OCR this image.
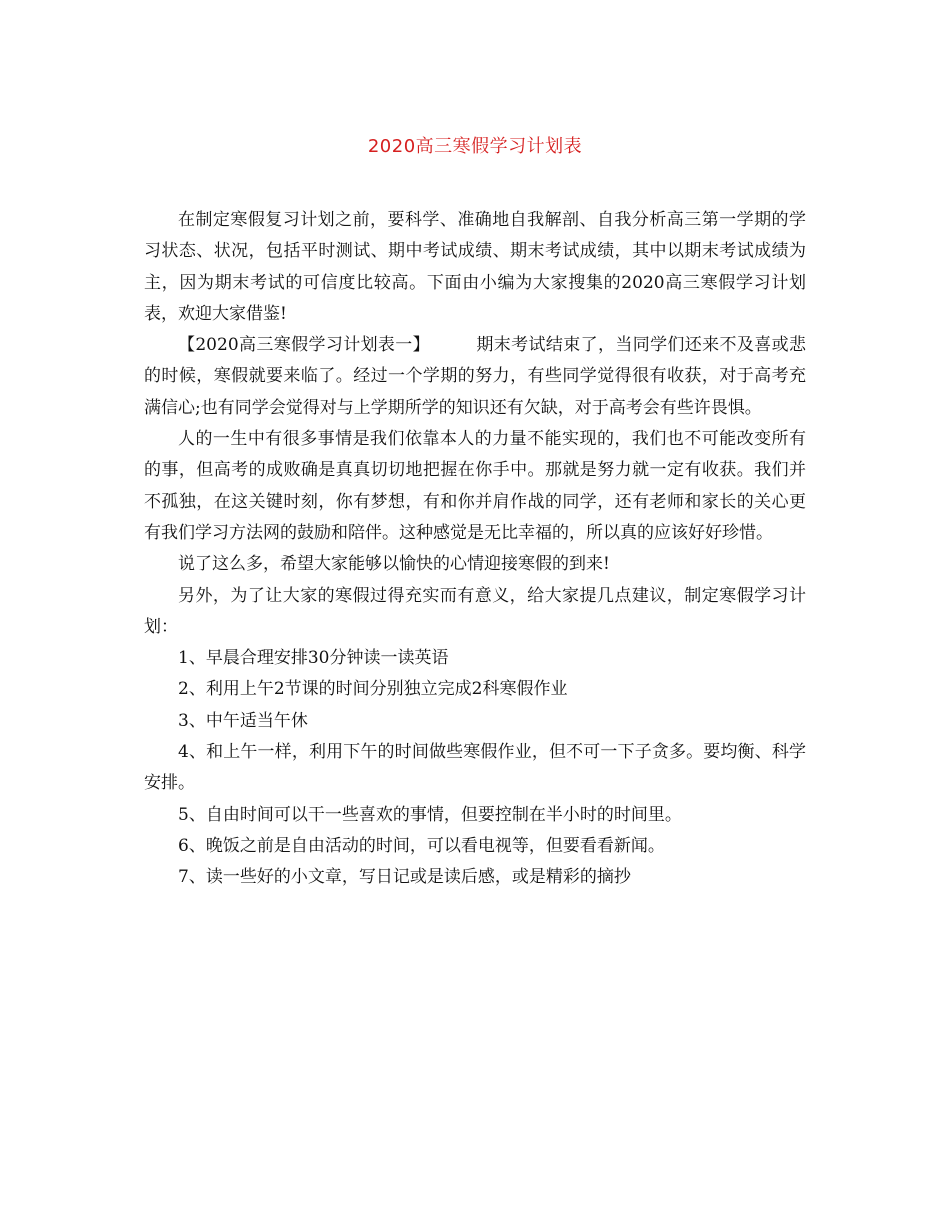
2020高三寒假学习计划表

在制定寒假复习计划之前，要科学、准确地自我解剖、自我分析高三第一学期的学习状态、状况，包括平时测试、期中考试成绩、期末考试成绩，其中以期末考试成绩为主，因为期末考试的可信度比较高。下面由小编为大家搜集的2020高三寒假学习计划表，欢迎大家借鉴!

【2020高三寒假学习计划表一】	期末考试结束了，当同学们还来不及喜或悲的时候，寒假就要来临了。经过一个学期的努力，有些同学觉得很有收获，对于高考充满信心;也有同学会觉得对与上学期所学的知识还有欠缺，对于高考会有些许畏惧。

人的一生中有很多事情是我们依靠本人的力量不能实现的，我们也不可能改变所有的事，但高考的成败确是真真切切地把握在你手中。那就是努力就一定有收获。我们并不孤独，在这关键时刻，你有梦想，有和你并肩作战的同学，还有老师和家长的关心更有我们学习方法网的鼓励和陪伴。这种感觉是无比幸福的，所以真的应该好好珍惜。

说了这么多，希望大家能够以愉快的心情迎接寒假的到来!

另外，为了让大家的寒假过得充实而有意义，给大家提几点建议，制定寒假学习计划：

1、早晨合理安排30分钟读一读英语

2、利用上午2节课的时间分别独立完成2科寒假作业

3、中午适当午休

4、和上午一样，利用下午的时间做些寒假作业，但不可一下子贪多。要均衡、科学安排。

5、自由时间可以干一些喜欢的事情，但要控制在半小时的时间里。

6、晚饭之前是自由活动的时间，可以看电视等，但要看看新闻。

7、读一些好的小文章，写日记或是读后感，或是精彩的摘抄
